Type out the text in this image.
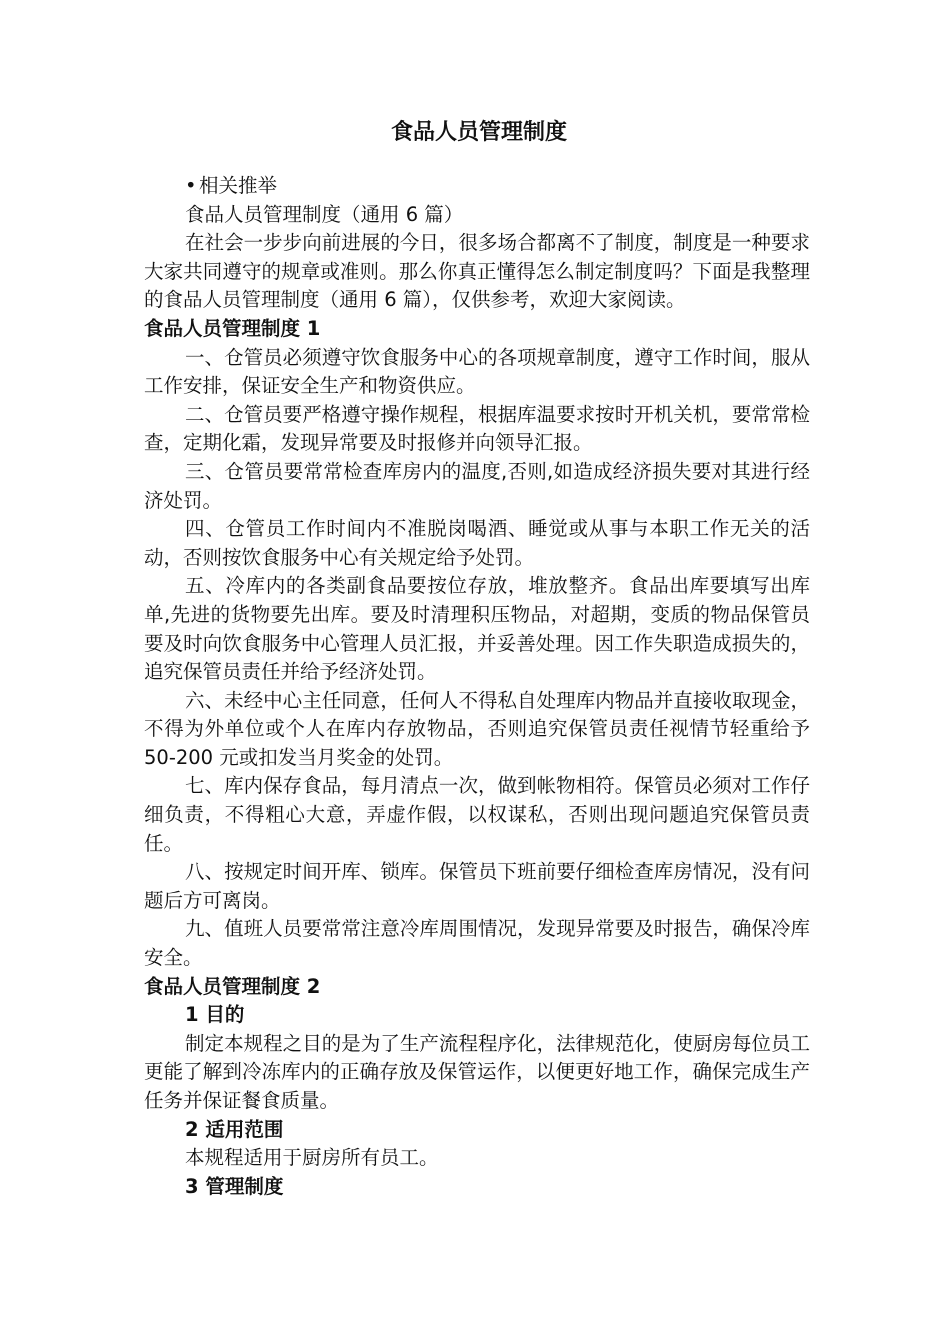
食品人员管理制度

• 相关推举

食品人员管理制度（通用 6 篇）

在社会一步步向前进展的今日，很多场合都离不了制度，制度是一种要求大家共同遵守的规章或准则。那么你真正懂得怎么制定制度吗？下面是我整理的食品人员管理制度（通用 6 篇），仅供参考，欢迎大家阅读。

食品人员管理制度 1

一、仓管员必须遵守饮食服务中心的各项规章制度，遵守工作时间，服从工作安排，保证安全生产和物资供应。

二、仓管员要严格遵守操作规程，根据库温要求按时开机关机，要常常检查，定期化霜，发现异常要及时报修并向领导汇报。

三、仓管员要常常检查库房内的温度,否则,如造成经济损失要对其进行经济处罚。

四、仓管员工作时间内不准脱岗喝酒、睡觉或从事与本职工作无关的活动，否则按饮食服务中心有关规定给予处罚。

五、冷库内的各类副食品要按位存放，堆放整齐。食品出库要填写出库单,先进的货物要先出库。要及时清理积压物品，对超期，变质的物品保管员要及时向饮食服务中心管理人员汇报，并妥善处理。因工作失职造成损失的，追究保管员责任并给予经济处罚。

六、未经中心主任同意，任何人不得私自处理库内物品并直接收取现金，不得为外单位或个人在库内存放物品，否则追究保管员责任视情节轻重给予 50-200 元或扣发当月奖金的处罚。

七、库内保存食品，每月清点一次，做到帐物相符。保管员必须对工作仔细负责，不得粗心大意，弄虚作假，以权谋私，否则出现问题追究保管员责任。

八、按规定时间开库、锁库。保管员下班前要仔细检查库房情况，没有问题后方可离岗。

九、值班人员要常常注意冷库周围情况，发现异常要及时报告，确保冷库安全。

食品人员管理制度 2

1 目的

制定本规程之目的是为了生产流程程序化，法律规范化，使厨房每位员工更能了解到冷冻库内的正确存放及保管运作，以便更好地工作，确保完成生产任务并保证餐食质量。

2 适用范围

本规程适用于厨房所有员工。

3 管理制度
